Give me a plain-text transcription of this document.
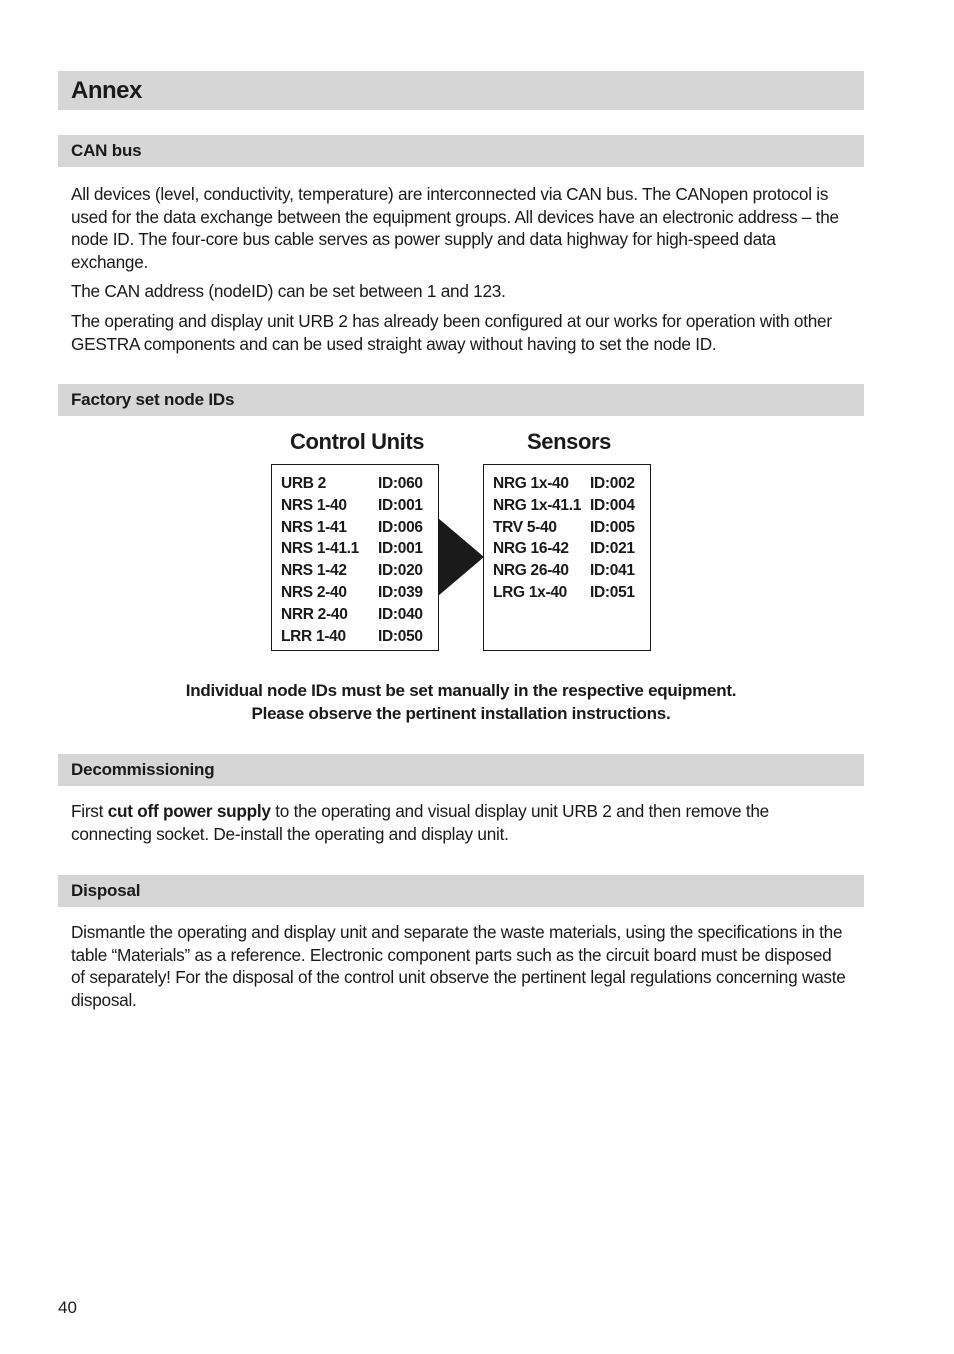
Annex
CAN bus

All devices (level, conductivity, temperature) are interconnected via CAN bus. The CANopen protocol is used for the data exchange between the equipment groups. All devices have an electronic address – the node ID. The four-core bus cable serves as power supply and data highway for high-speed data exchange.

The CAN address (nodeID) can be set between 1 and 123.

The operating and display unit URB 2 has already been configured at our works for operation with other GESTRA components and can be used straight away without having to set the node ID.

Factory set node IDs
Control Units	Sensors
URB 2	ID:060
NRS 1-40	ID:001
NRS 1-41	ID:006
NRS 1-41.1	ID:001
NRS 1-42	ID:020
NRS 2-40	ID:039
NRR 2-40	ID:040
LRR 1-40	ID:050
NRG 1x-40	ID:002
NRG 1x-41.1 ID:004
TRV 5-40	ID:005
NRG 16-42	ID:021
NRG 26-40	ID:041
LRG 1x-40	ID:051
Individual node IDs must be set manually in the respective equipment.
Please observe the pertinent installation instructions.
Decommissioning

First cut off power supply to the operating and visual display unit URB 2 and then remove the connecting socket. De-install the operating and display unit.

Disposal

Dismantle the operating and display unit and separate the waste materials, using the specifications in the table “Materials” as a reference. Electronic component parts such as the circuit board must be disposed of separately! For the disposal of the control unit observe the pertinent legal regulations concerning waste disposal.

40
